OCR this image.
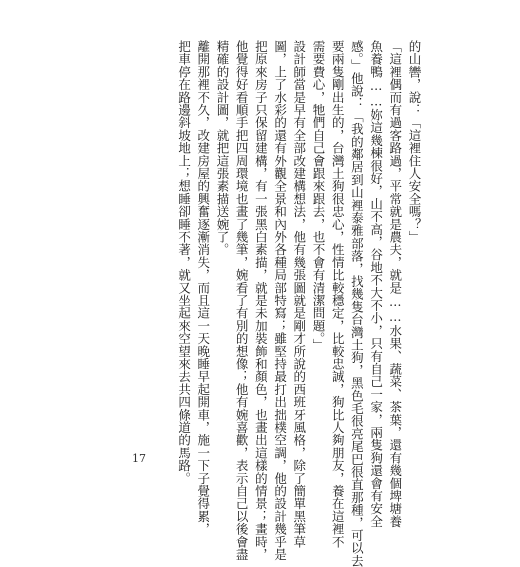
的山轡，說：「這裡住人安全嗎？」

「這裡偶而有過客路過，平常就是農夫，就是……水果、蔬菜、茶葉，還有幾個埤塘養

魚養鴨……妳這幾棟很好，山不高，谷地不大不小，只有自己一家，兩隻狗還會有安全

感。」他說：「我的鄰居到山裡泰雅部落，找幾隻台灣土狗，黑色毛很亮尾巴很直那種，可以去

要兩隻剛出生的，台灣土狗很忠心，性情比較穩定，比較忠誠，狗比人夠朋友，養在這裡不

需要費心，牠們自己會跟來跟去，也不會有清潔問題。」

設計師當是早有全部改建構想法，他有幾張圖就是剛才所說的西班牙風格，除了簡單黑筆草

圖，上了水彩的還有外觀全景和內外各種局部特寫；雖堅持最打出拙樸空調，他的設計幾乎是

把原來房子只保留建構，有一張黑白素描，就是未加裝飾和顏色，也畫出這樣的情景；畫時，

他覺得好看順手把四周環境也畫了幾筆，婉看了有別的想像；他有婉喜歡，表示自己以後會盡

精確的設計圖，就把這張素描送婉了。

離開那裡不久，改建房屋的興奮逐漸消失，而且這一天晚睡早起開車，施一下子覺得累，

把車停在路邊斜坡地上；想睡卻睡不著，就又坐起來空望來去共四條道的馬路。

17
